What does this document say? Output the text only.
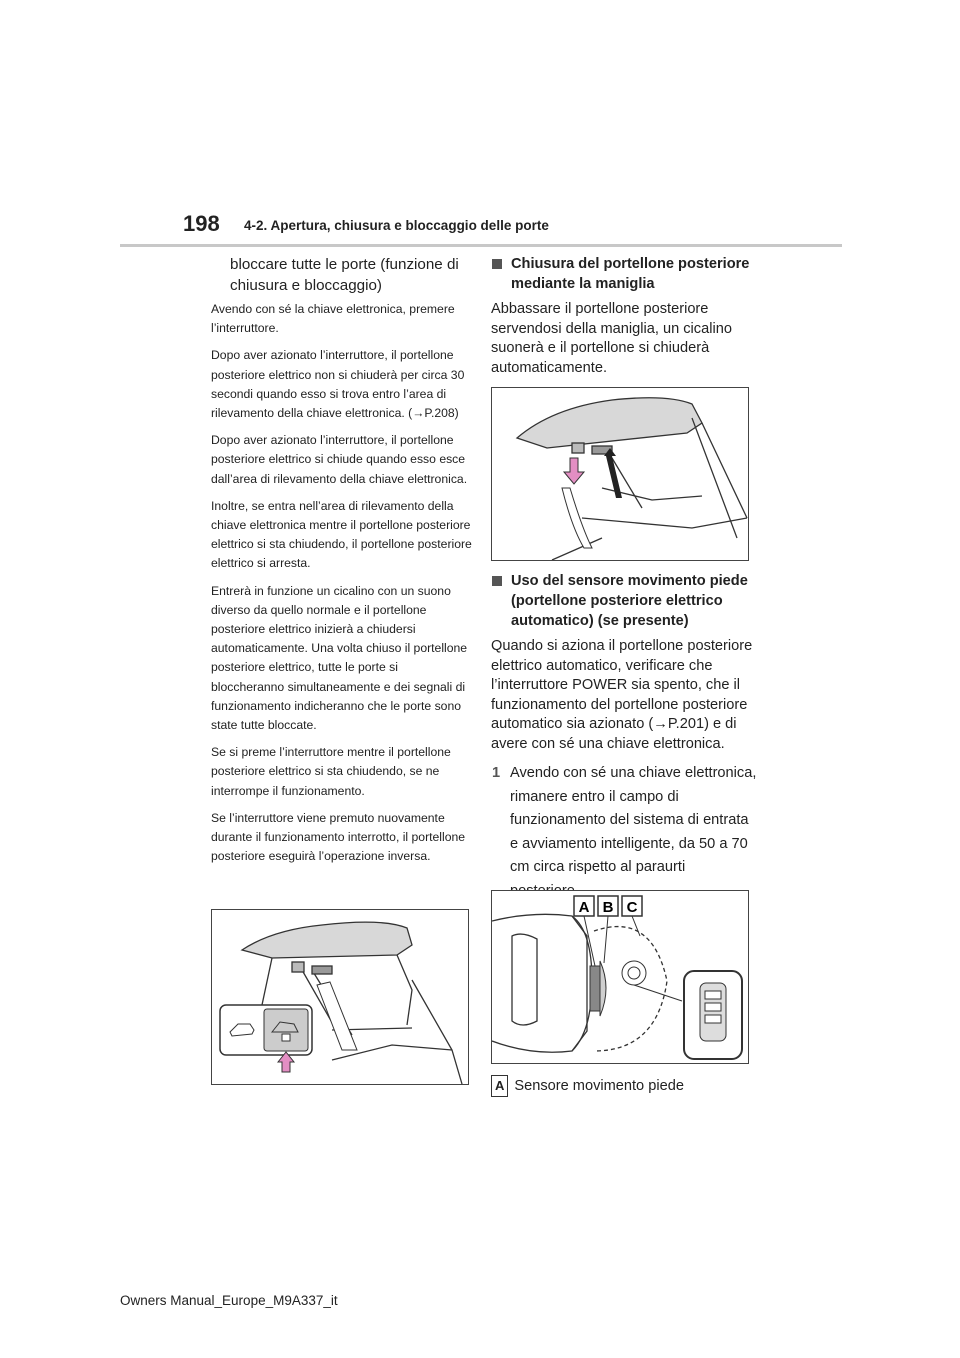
198 4-2. Apertura, chiusura e bloccaggio delle porte

bloccare tutte le porte (funzione di chiusura e bloccaggio)

Avendo con sé la chiave elettronica, premere l’interruttore.

Dopo aver azionato l’interruttore, il portellone posteriore elettrico non si chiuderà per circa 30 secondi quando esso si trova entro l’area di rilevamento della chiave elettronica. (→P.208)

Dopo aver azionato l’interruttore, il portellone posteriore elettrico si chiude quando esso esce dall’area di rilevamento della chiave elettronica.

Inoltre, se entra nell’area di rilevamento della chiave elettronica mentre il portellone posteriore elettrico si sta chiudendo, il portellone posteriore elettrico si arresta.

Entrerà in funzione un cicalino con un suono diverso da quello normale e il portellone posteriore elettrico inizierà a chiudersi automaticamente. Una volta chiuso il portellone posteriore elettrico, tutte le porte si bloccheranno simultaneamente e dei segnali di funzionamento indicheranno che le porte sono state tutte bloccate.

Se si preme l’interruttore mentre il portellone posteriore elettrico si sta chiudendo, se ne interrompe il funzionamento.

Se l’interruttore viene premuto nuovamente durante il funzionamento interrotto, il portellone posteriore eseguirà l’operazione inversa.

Chiusura del portellone posteriore mediante la maniglia

Abbassare il portellone posteriore servendosi della maniglia, un cicalino suonerà e il portellone si chiuderà automaticamente.

Uso del sensore movimento piede (portellone posteriore elettrico automatico) (se presente)

Quando si aziona il portellone posteriore elettrico automatico, verificare che l’interruttore POWER sia spento, che il funzionamento del portellone posteriore automatico sia azionato (→P.201) e di avere con sé una chiave elettronica.

1 Avendo con sé una chiave elettronica, rimanere entro il campo di funzionamento del sistema di entrata e avviamento intelligente, da 50 a 70 cm circa rispetto al paraurti
A B C
A Sensore movimento piede
Owners Manual_Europe_M9A337_it
